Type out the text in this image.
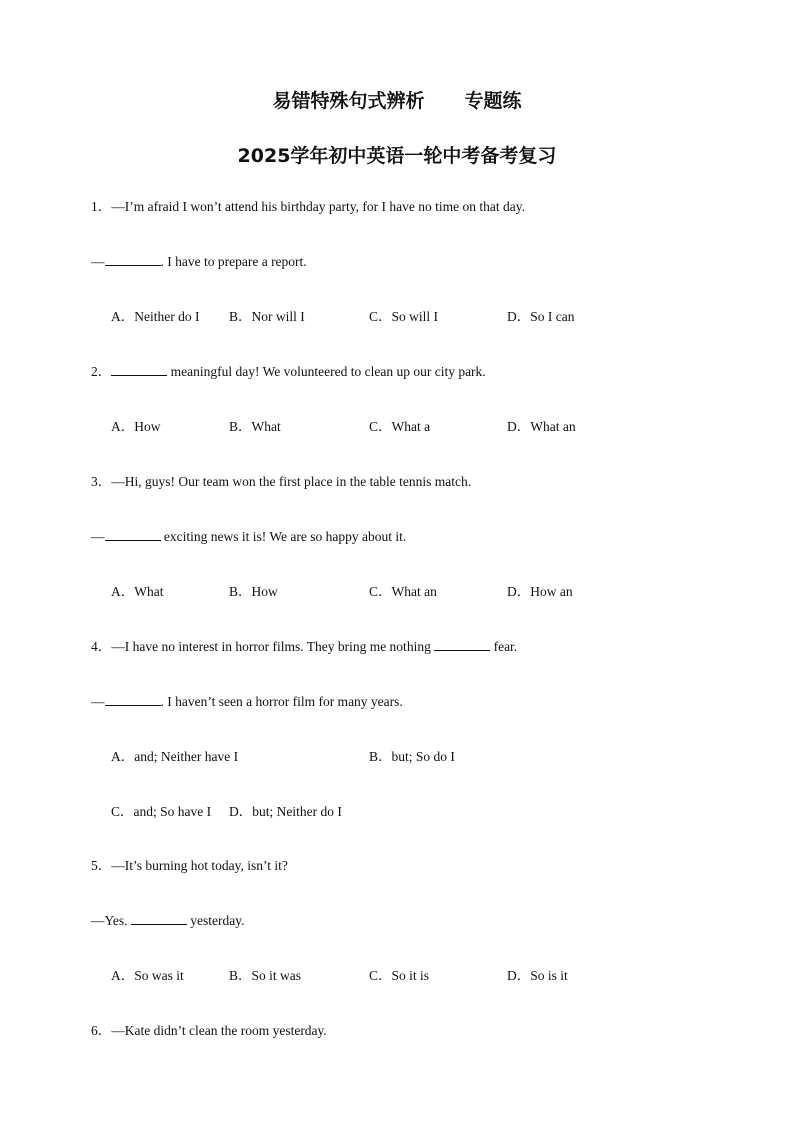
易错特殊句式辨析 专题练
2025学年初中英语一轮中考备考复习
1．—I’m afraid I won’t attend his birthday party, for I have no time on that day.
—	. I have to prepare a report.
A．Neither do I B．Nor will I	C．So will I	D．So I can
2．	meaningful day! We volunteered to clean up our city park.
A．How	B．What	C．What a	D．What an
3．—Hi, guys! Our team won the first place in the table tennis match.
—	exciting news it is! We are so happy about it.
A．What	B．How	C．What an	D．How an
4．—I have no interest in horror films. They bring me nothing	fear.
—	. I haven’t seen a horror film for many years.
A．and; Neither have I	B．but; So do I
C．and; So have I D．but; Neither do I
5．—It’s burning hot today, isn’t it?
—Yes.	yesterday.
A．So was it	B．So it was	C．So it is	D．So is it
6．—Kate didn’t clean the room yesterday.
